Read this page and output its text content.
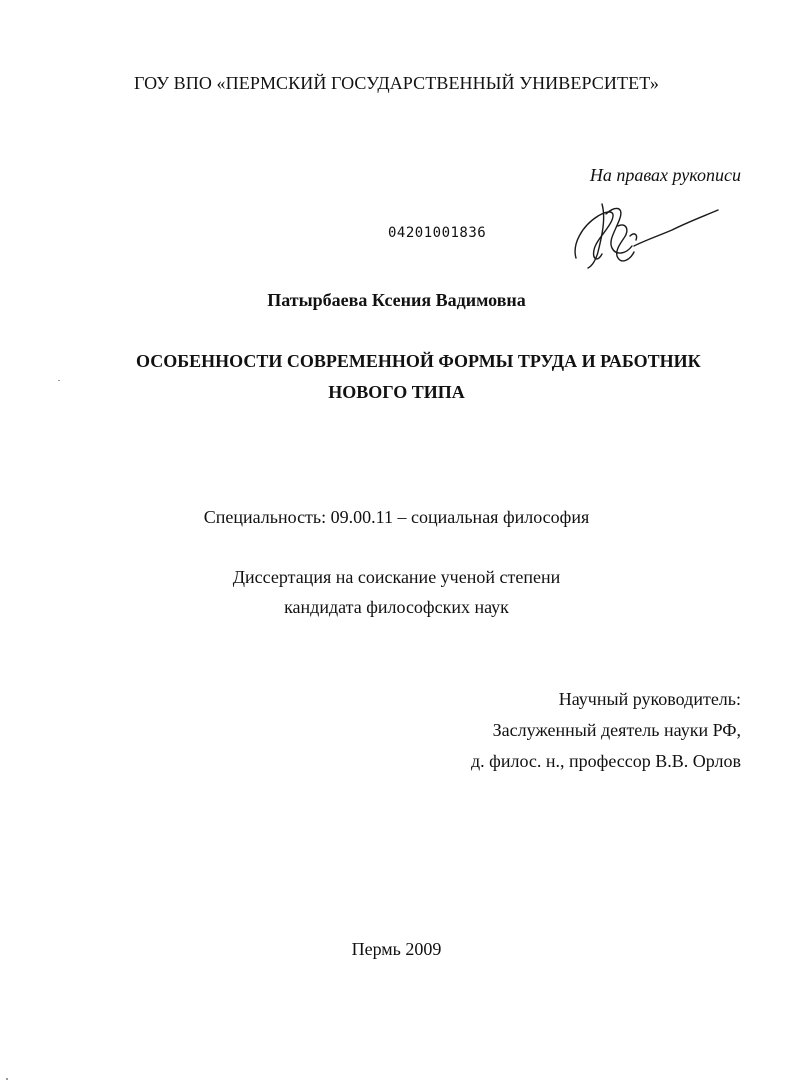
ГОУ ВПО «ПЕРМСКИЙ ГОСУДАРСТВЕННЫЙ УНИВЕРСИТЕТ»
На правах рукописи
04201001836
Патырбаева Ксения Вадимовна
ОСОБЕННОСТИ СОВРЕМЕННОЙ ФОРМЫ ТРУДА И РАБОТНИК
НОВОГО ТИПА
Специальность: 09.00.11 – социальная философия
Диссертация на соискание ученой степени
кандидата философских наук
Научный руководитель:
Заслуженный деятель науки РФ,
д. филос. н., профессор В.В. Орлов
Пермь 2009
